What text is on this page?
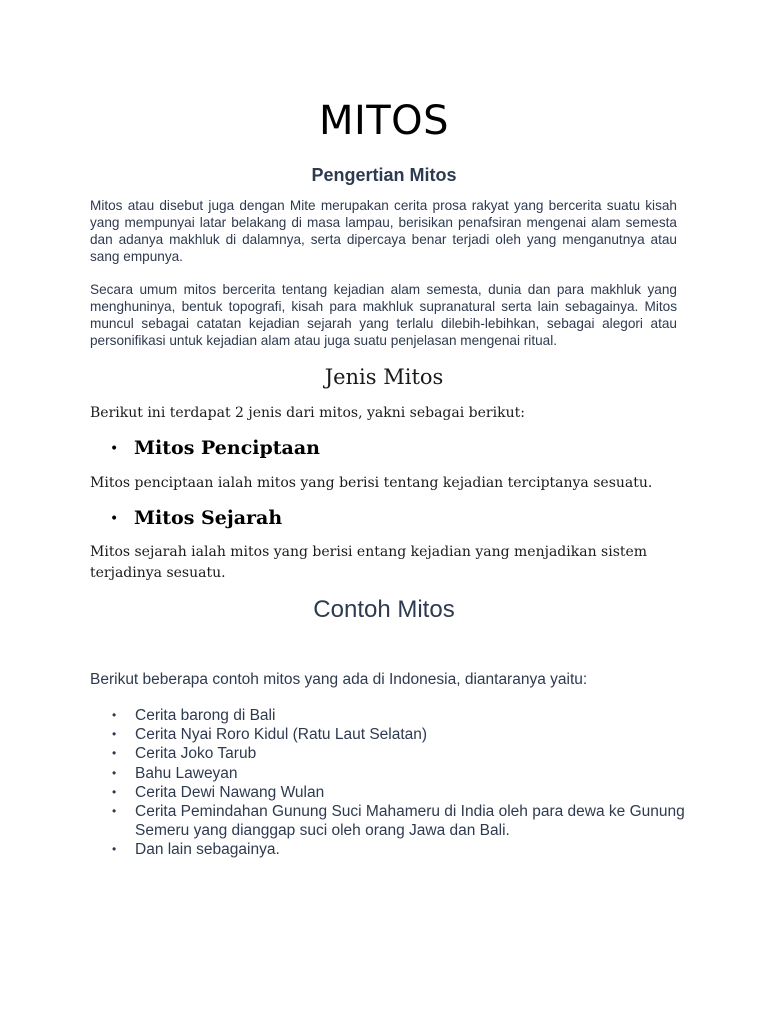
MITOS
Pengertian Mitos

Mitos atau disebut juga dengan Mite merupakan cerita prosa rakyat yang bercerita suatu kisah yang mempunyai latar belakang di masa lampau, berisikan penafsiran mengenai alam semesta dan adanya makhluk di dalamnya, serta dipercaya benar terjadi oleh yang menganutnya atau sang empunya.

Secara umum mitos bercerita tentang kejadian alam semesta, dunia dan para makhluk yang menghuninya, bentuk topografi, kisah para makhluk supranatural serta lain sebagainya. Mitos muncul sebagai catatan kejadian sejarah yang terlalu dilebih-lebihkan, sebagai alegori atau personifikasi untuk kejadian alam atau juga suatu penjelasan mengenai ritual.

Jenis Mitos

Berikut ini terdapat 2 jenis dari mitos, yakni sebagai berikut:

• Mitos Penciptaan

Mitos penciptaan ialah mitos yang berisi tentang kejadian terciptanya sesuatu.

• Mitos Sejarah

Mitos sejarah ialah mitos yang berisi entang kejadian yang menjadikan sistem terjadinya sesuatu.

Contoh Mitos

Berikut beberapa contoh mitos yang ada di Indonesia, diantaranya yaitu:

• Cerita barong di Bali
• Cerita Nyai Roro Kidul (Ratu Laut Selatan)
• Cerita Joko Tarub
• Bahu Laweyan
• Cerita Dewi Nawang Wulan
• Cerita Pemindahan Gunung Suci Mahameru di India oleh para dewa ke Gunung Semeru yang dianggap suci oleh orang Jawa dan Bali.
• Dan lain sebagainya.
